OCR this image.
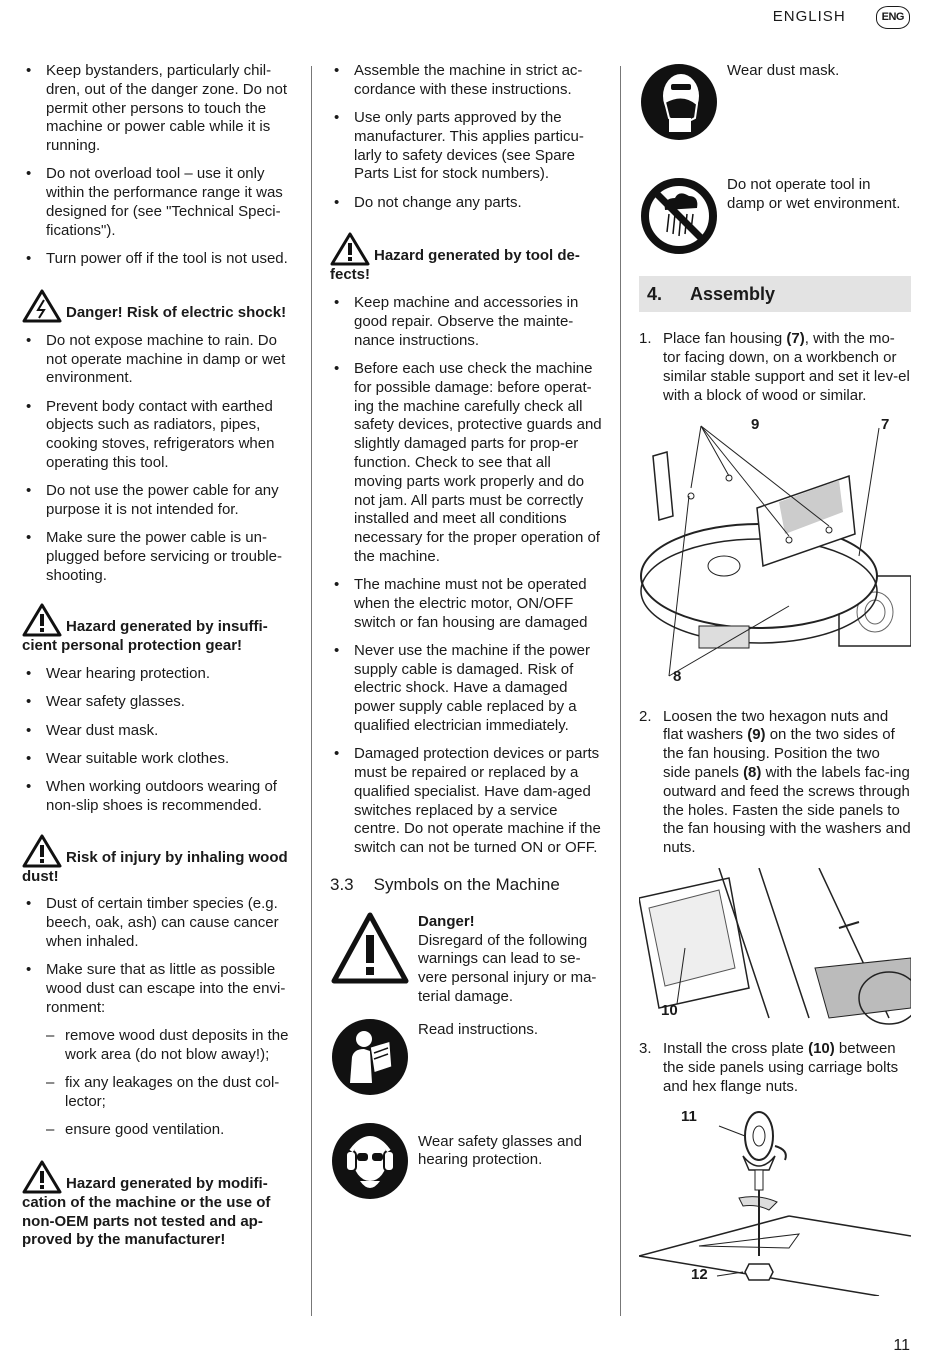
ENGLISH	ENG
• Keep bystanders, particularly chil-dren, out of the danger zone. Do not permit other persons to touch the machine or power cable while it is running.
• Do not overload tool – use it only within the performance range it was designed for (see "Technical Speci-fications").
• Turn power off if the tool is not used.
Danger! Risk of electric shock!
• Do not expose machine to rain. Do not operate machine in damp or wet environment.
• Prevent body contact with earthed objects such as radiators, pipes, cooking stoves, refrigerators when operating this tool.
• Do not use the power cable for any purpose it is not intended for.
• Make sure the power cable is un-plugged before servicing or trouble-shooting.
Hazard generated by insuffi-cient personal protection gear!
• Wear hearing protection.
• Wear safety glasses.
• Wear dust mask.
• Wear suitable work clothes.
• When working outdoors wearing of non-slip shoes is recommended.
Risk of injury by inhaling wood dust!
• Dust of certain timber species (e.g. beech, oak, ash) can cause cancer when inhaled.
• Make sure that as little as possible wood dust can escape into the envi-ronment:
– remove wood dust deposits in the work area (do not blow away!);
– fix any leakages on the dust col-lector;
– ensure good ventilation.
Hazard generated by modifi-cation of the machine or the use of non-OEM parts not tested and ap-proved by the manufacturer!
• Assemble the machine in strict ac-cordance with these instructions.
• Use only parts approved by the manufacturer. This applies particu-larly to safety devices (see Spare Parts List for stock numbers).
• Do not change any parts.
Hazard generated by tool de-fects!
• Keep machine and accessories in good repair. Observe the mainte-nance instructions.
• Before each use check the machine for possible damage: before operat-ing the machine carefully check all safety devices, protective guards and slightly damaged parts for prop-er function. Check to see that all moving parts work properly and do not jam. All parts must be correctly installed and meet all conditions necessary for the proper operation of the machine.
• The machine must not be operated when the electric motor, ON/OFF switch or fan housing are damaged
• Never use the machine if the power supply cable is damaged. Risk of electric shock. Have a damaged power supply cable replaced by a qualified electrician immediately.
• Damaged protection devices or parts must be repaired or replaced by a qualified specialist. Have dam-aged switches replaced by a service centre. Do not operate machine if the switch can not be turned ON or OFF.
3.3 Symbols on the Machine
Danger!
Disregard of the following warnings can lead to se-vere personal injury or ma-terial damage.
Read instructions.
Wear safety glasses and hearing protection.
Wear dust mask.
Do not operate tool in damp or wet environment.
4. Assembly
1. Place fan housing (7), with the mo-tor facing down, on a workbench or similar stable support and set it lev-el with a block of wood or similar.
9	7
8
2. Loosen the two hexagon nuts and flat washers (9) on the two sides of the fan housing. Position the two side panels (8) with the labels fac-ing outward and feed the screws through the holes. Fasten the side panels to the fan housing with the washers and nuts.
10
3. Install the cross plate (10) between the side panels using carriage bolts and hex flange nuts.
11
12
11
